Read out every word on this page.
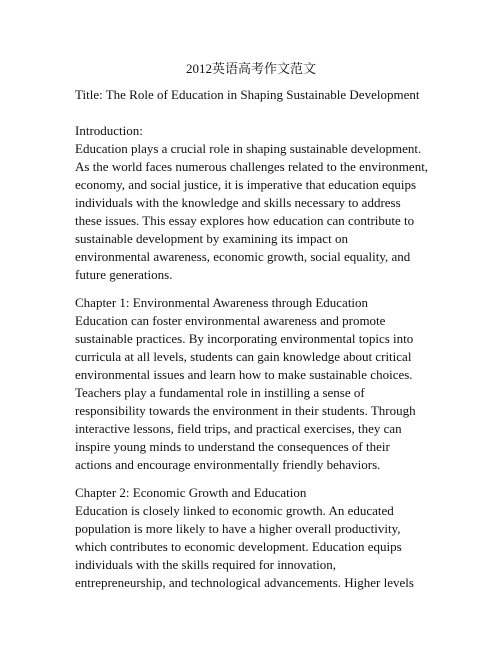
2012英语高考作文范文
Title: The Role of Education in Shaping Sustainable Development
Introduction:
Education plays a crucial role in shaping sustainable development.
As the world faces numerous challenges related to the environment,
economy, and social justice, it is imperative that education equips
individuals with the knowledge and skills necessary to address
these issues. This essay explores how education can contribute to
sustainable development by examining its impact on
environmental awareness, economic growth, social equality, and
future generations.
Chapter 1: Environmental Awareness through Education
Education can foster environmental awareness and promote
sustainable practices. By incorporating environmental topics into
curricula at all levels, students can gain knowledge about critical
environmental issues and learn how to make sustainable choices.
Teachers play a fundamental role in instilling a sense of
responsibility towards the environment in their students. Through
interactive lessons, field trips, and practical exercises, they can
inspire young minds to understand the consequences of their
actions and encourage environmentally friendly behaviors.
Chapter 2: Economic Growth and Education
Education is closely linked to economic growth. An educated
population is more likely to have a higher overall productivity,
which contributes to economic development. Education equips
individuals with the skills required for innovation,
entrepreneurship, and technological advancements. Higher levels
